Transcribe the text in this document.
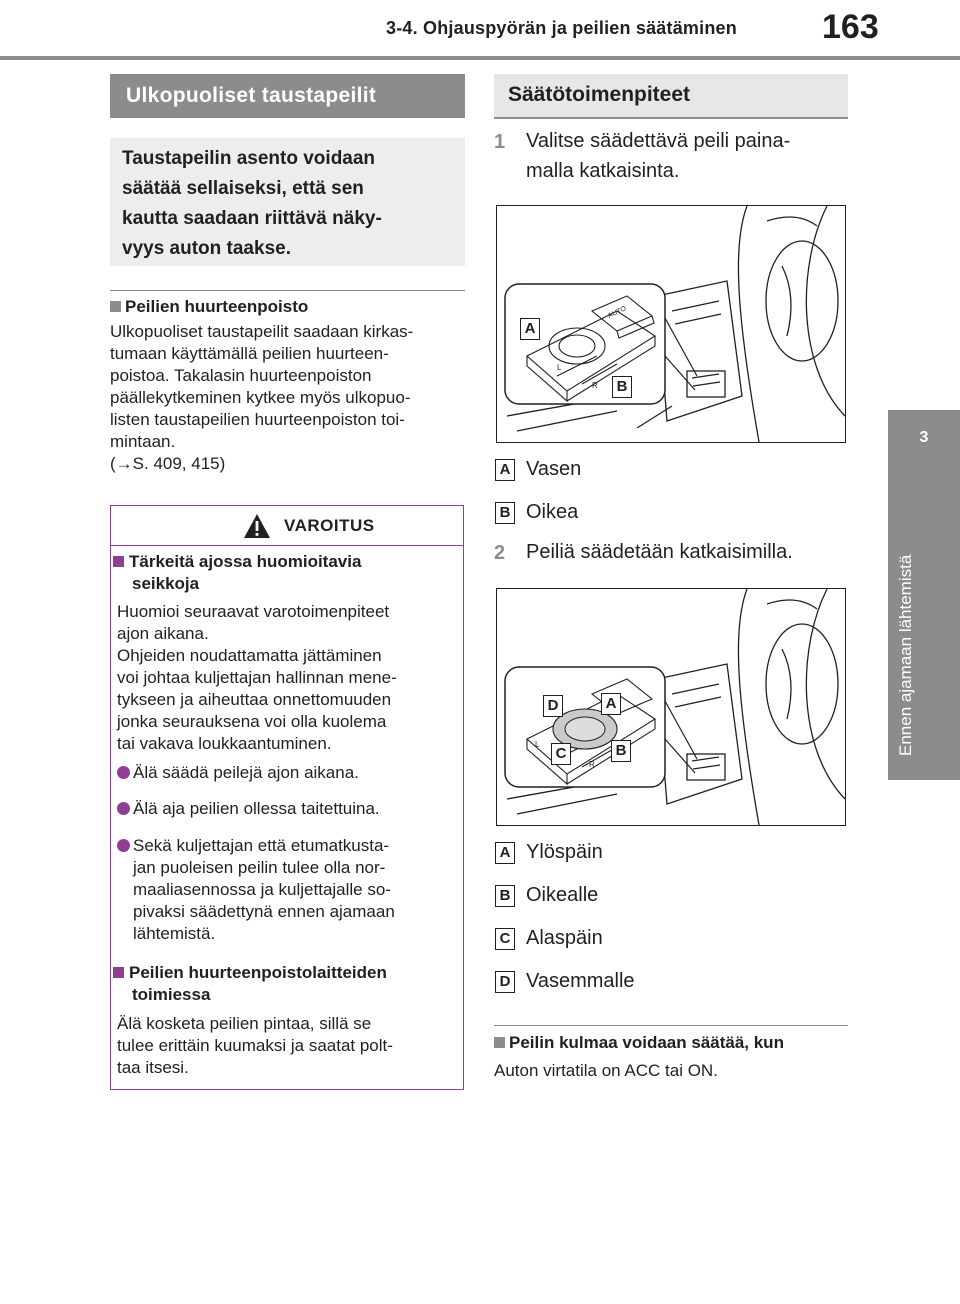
3-4. Ohjauspyörän ja peilien säätäminen	163
3
Ennen ajamaan lähtemistä
Ulkopuoliset taustapeilit
Taustapeilin asento voidaan
säätää sellaiseksi, että sen
kautta saadaan riittävä näky-
vyys auton taakse.
Peilien huurteenpoisto
Ulkopuoliset taustapeilit saadaan kirkas-
tumaan käyttämällä peilien huurteen-
poistoa. Takalasin huurteenpoiston
päällekytkeminen kytkee myös ulkopuo-
listen taustapeilien huurteenpoiston toi-
mintaan.
(→S. 409, 415)
VAROITUS
Tärkeitä ajossa huomioitavia
seikkoja
Huomioi seuraavat varotoimenpiteet
ajon aikana.
Ohjeiden noudattamatta jättäminen
voi johtaa kuljettajan hallinnan mene-
tykseen ja aiheuttaa onnettomuuden
jonka seurauksena voi olla kuolema
tai vakava loukkaantuminen.
Älä säädä peilejä ajon aikana.
Älä aja peilien ollessa taitettuina.
Sekä kuljettajan että etumatkusta-
jan puoleisen peilin tulee olla nor-
maaliasennossa ja kuljettajalle so-
pivaksi säädettynä ennen ajamaan
lähtemistä.
Peilien huurteenpoistolaitteiden
toimiessa
Älä kosketa peilien pintaa, sillä se
tulee erittäin kuumaksi ja saatat polt-
taa itsesi.
Säätötoimenpiteet
1 Valitse säädettävä peili paina-
malla katkaisinta.
L
R
AUTO
A
B
A Vasen
B Oikea
2 Peiliä säädetään katkaisimilla.
L
R
D	A
C	B
A Ylöspäin
B Oikealle
C Alaspäin
D Vasemmalle
Peilin kulmaa voidaan säätää, kun
Auton virtatila on ACC tai ON.
